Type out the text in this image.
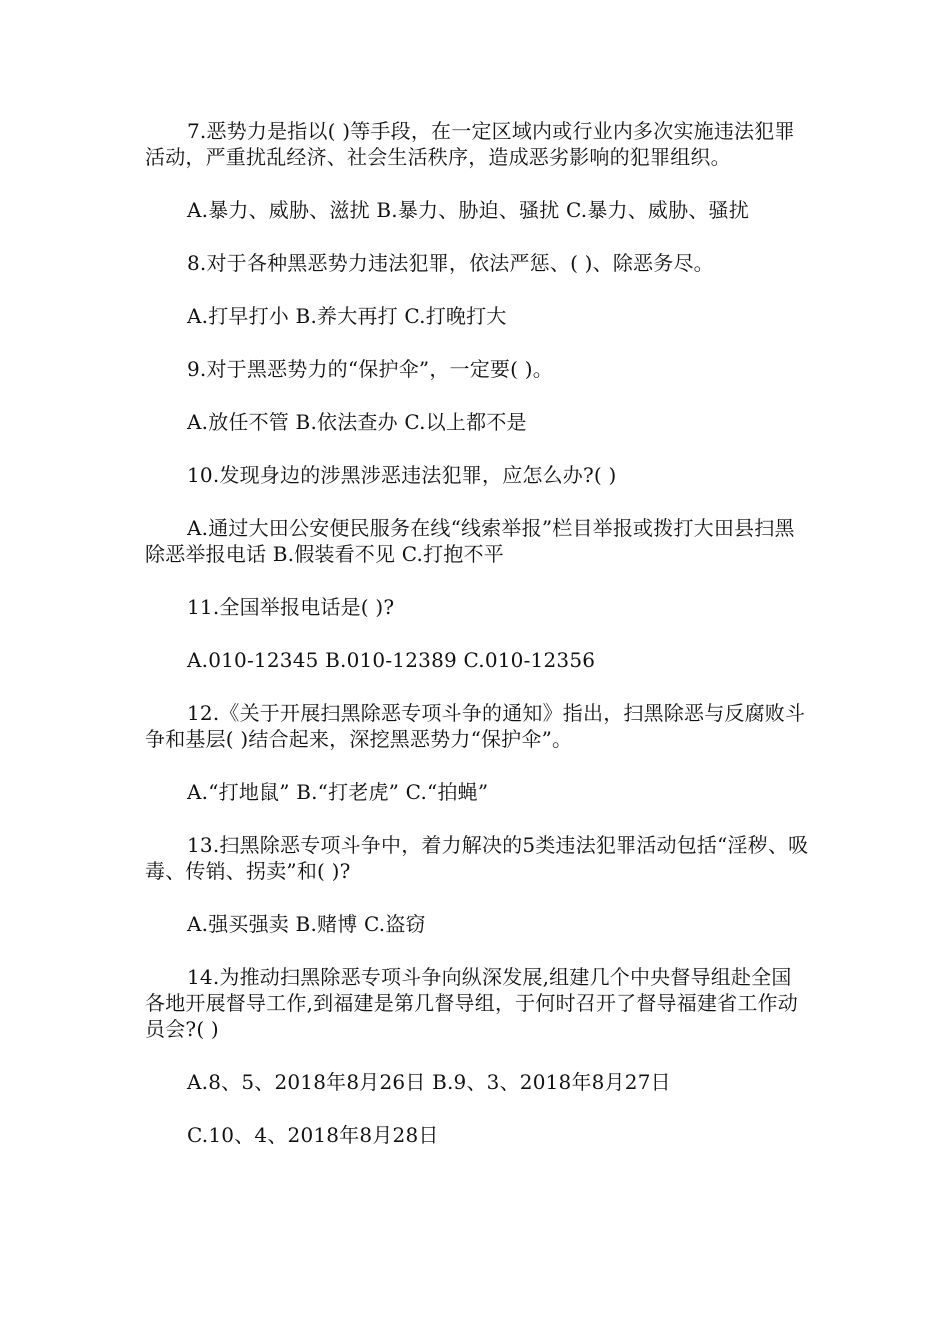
7.恶势力是指以( )等手段，在一定区域内或行业内多次实施违法犯罪活动，严重扰乱经济、社会生活秩序，造成恶劣影响的犯罪组织。

A.暴力、威胁、滋扰 B.暴力、胁迫、骚扰 C.暴力、威胁、骚扰

8.对于各种黑恶势力违法犯罪，依法严惩、( )、除恶务尽。

A.打早打小 B.养大再打 C.打晚打大

9.对于黑恶势力的“保护伞”，一定要( )。

A.放任不管 B.依法查办 C.以上都不是

10.发现身边的涉黑涉恶违法犯罪，应怎么办?( )

A.通过大田公安便民服务在线“线索举报”栏目举报或拨打大田县扫黑除恶举报电话 B.假装看不见 C.打抱不平

11.全国举报电话是( )?

A.010-12345 B.010-12389 C.010-12356

12.《关于开展扫黑除恶专项斗争的通知》指出，扫黑除恶与反腐败斗争和基层( )结合起来，深挖黑恶势力“保护伞”。

A.“打地鼠” B.“打老虎” C.“拍蝇”

13.扫黑除恶专项斗争中，着力解决的5类违法犯罪活动包括“淫秽、吸毒、传销、拐卖”和( )?

A.强买强卖 B.赌博 C.盗窃

14.为推动扫黑除恶专项斗争向纵深发展,组建几个中央督导组赴全国各地开展督导工作,到福建是第几督导组，于何时召开了督导福建省工作动员会?( )

A.8、5、2018年8月26日 B.9、3、2018年8月27日

C.10、4、2018年8月28日
